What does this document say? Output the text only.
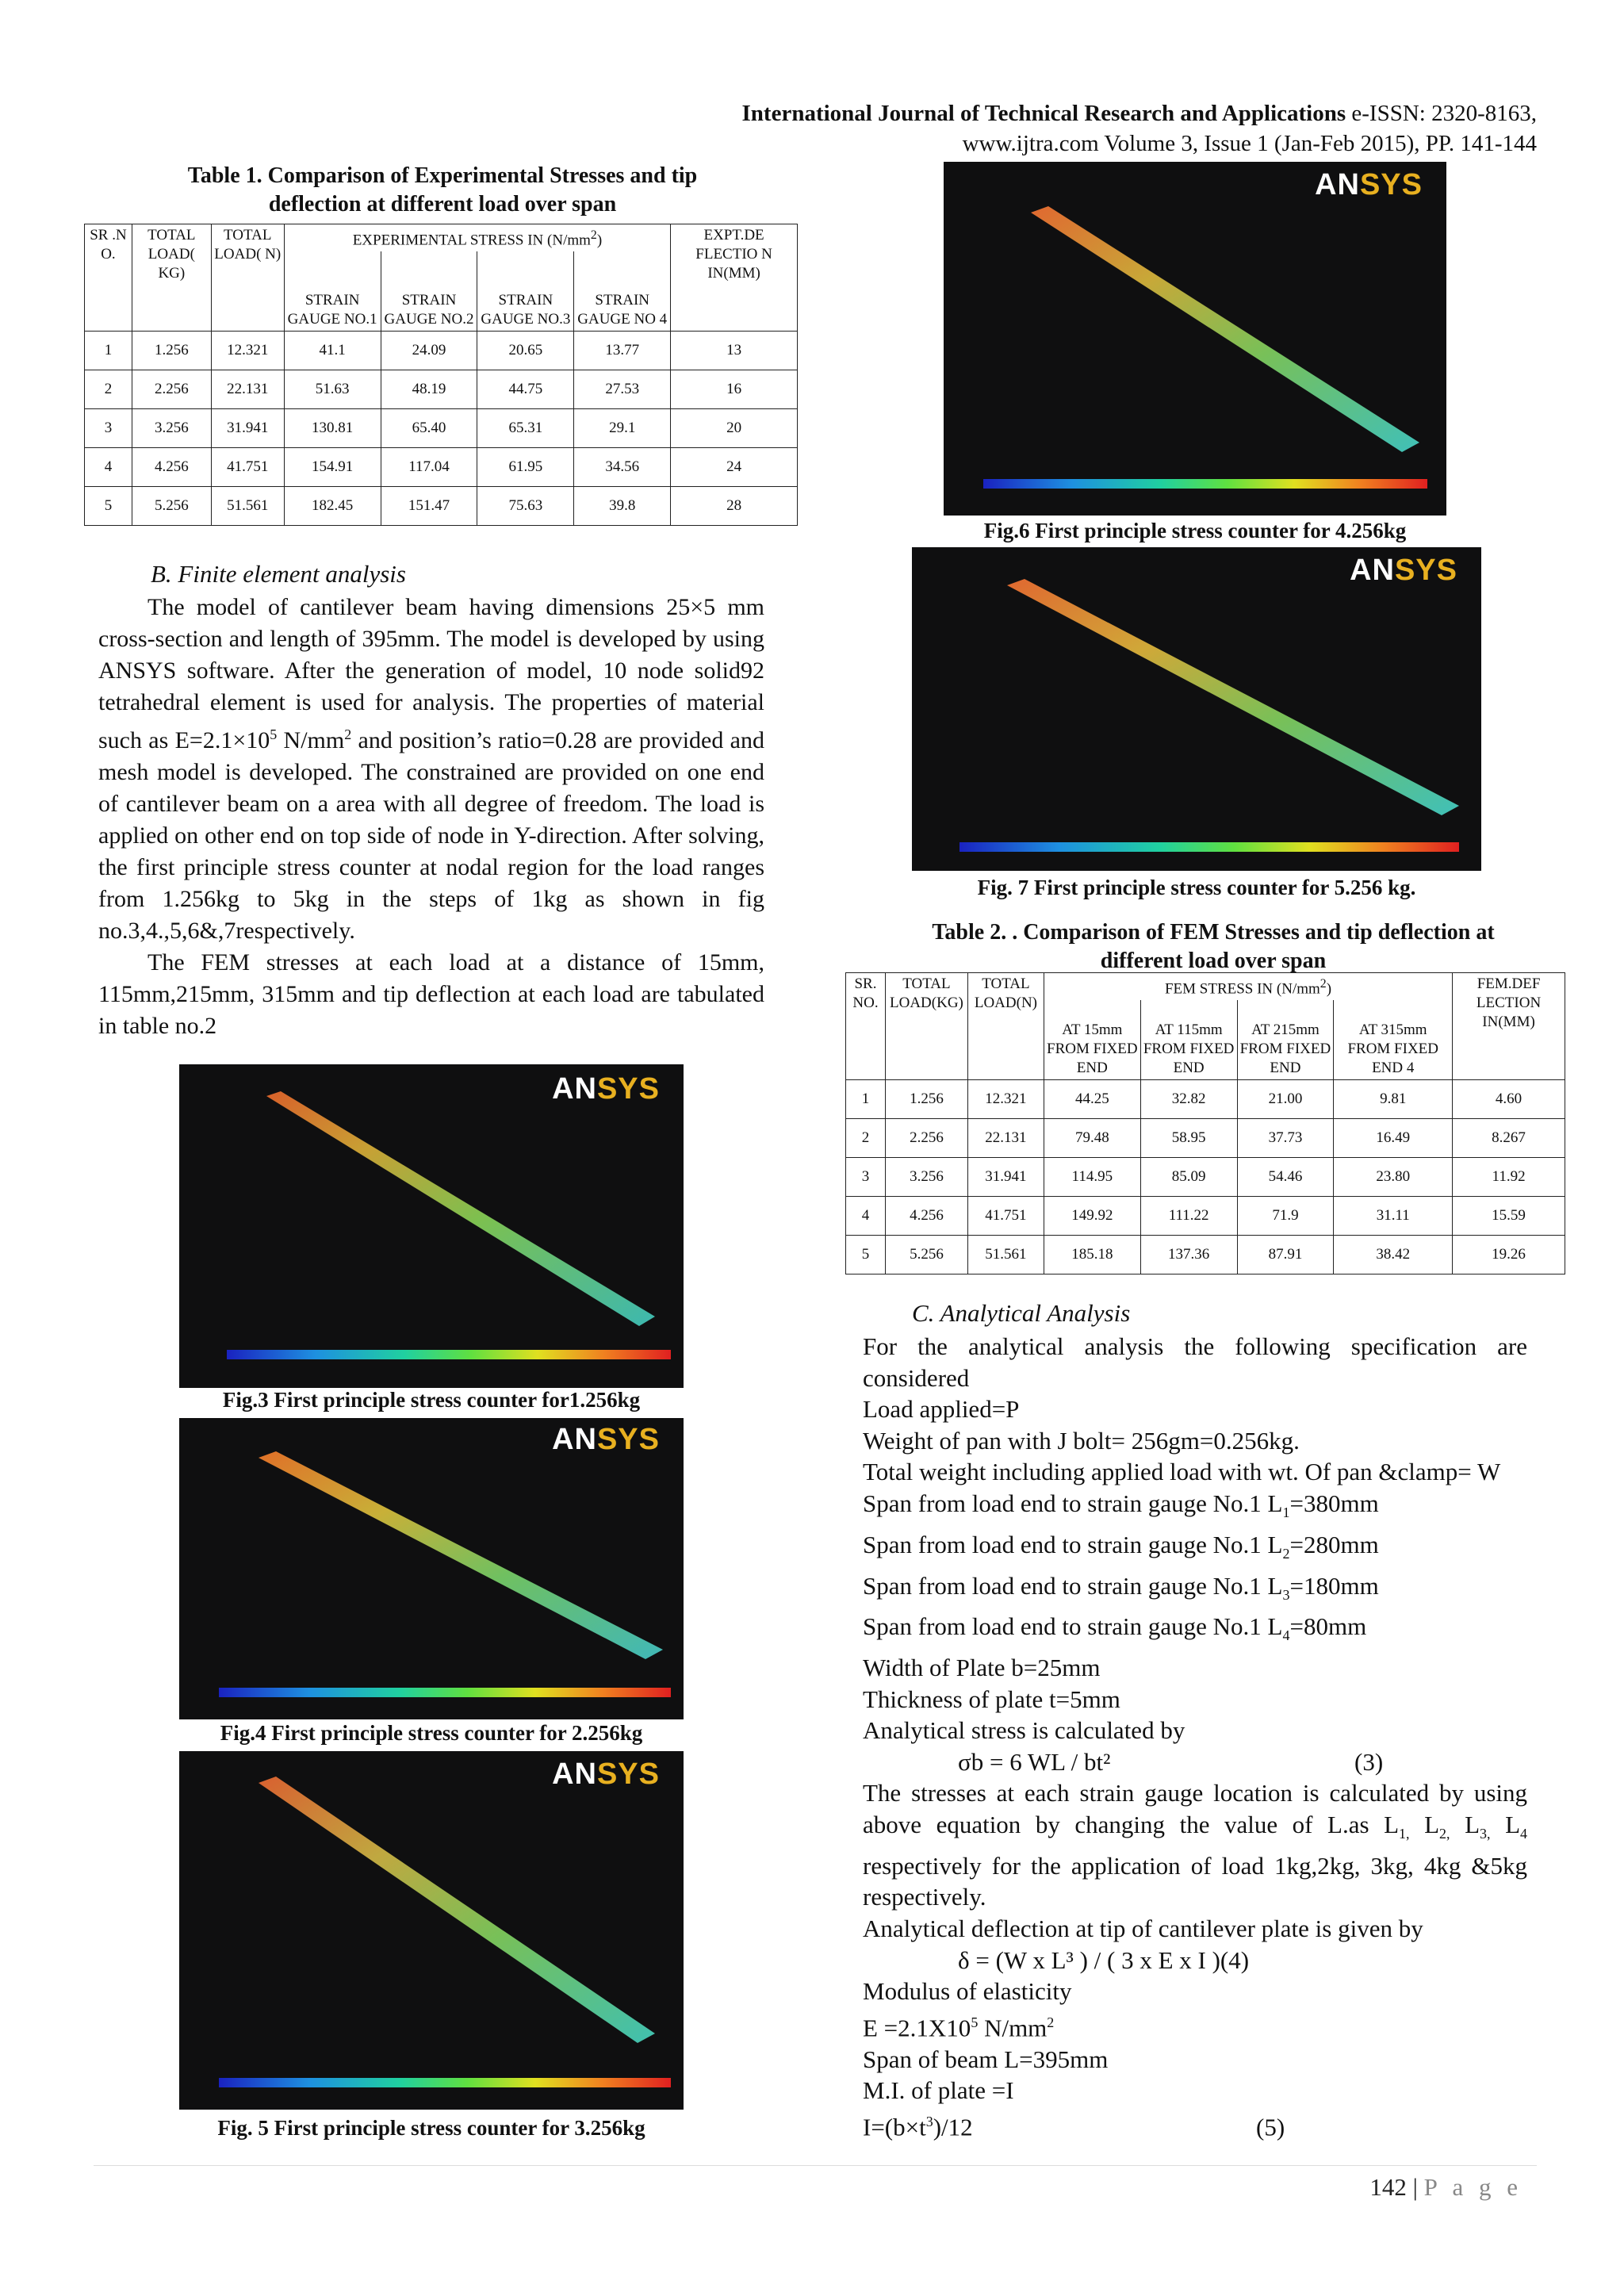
International Journal of Technical Research and Applications e-ISSN: 2320-8163,
www.ijtra.com Volume 3, Issue 1 (Jan-Feb 2015), PP. 141-144
Table 1. Comparison of Experimental Stresses and tip
deflection at different load over span
SR .N O.	TOTAL LOAD( KG)	TOTAL LOAD( N)	EXPERIMENTAL STRESS IN $(N/mm^2)$				EXPT.DE FLECTIO N IN(MM)
			STRAIN GAUGE NO.1	STRAIN GAUGE NO.2	STRAIN GAUGE NO.3	STRAIN GAUGE NO 4	
1	1.256	12.321	41.1	24.09	20.65	13.77	13
2	2.256	22.131	51.63	48.19	44.75	27.53	16
3	3.256	31.941	130.81	65.40	65.31	29.1	20
4	4.256	41.751	154.91	117.04	61.95	34.56	24
5	5.256	51.561	182.45	151.47	75.63	39.8	28
B. Finite element analysis

The model of cantilever beam having dimensions 25×5 mm cross-section and length of 395mm. The model is developed by using ANSYS software. After the generation of model, 10 node solid92 tetrahedral element is used for analysis. The properties of material such as $E=2.1\times 10^5$ $N/mm^2$ and position’s ratio=0.28 are provided and mesh model is developed. The constrained are provided on one end of cantilever beam on a area with all degree of freedom. The load is applied on other end on top side of node in Y-direction. After solving, the first principle stress counter at nodal region for the load ranges from 1.256kg to 5kg in the steps of 1kg as shown in fig no.3,4.,5,6&,7respectively.

The FEM stresses at each load at a distance of 15mm, 115mm,215mm, 315mm and tip deflection at each load are tabulated in table no.2

ANSYS
Fig.3 First principle stress counter for1.256kg
ANSYS
Fig.4 First principle stress counter for 2.256kg
ANSYS
Fig. 5 First principle stress counter for 3.256kg
ANSYS
Fig.6 First principle stress counter for 4.256kg
ANSYS
Fig. 7 First principle stress counter for 5.256 kg.
Table 2. . Comparison of FEM Stresses and tip deflection at
different load over span
SR. NO.	TOTAL LOAD(KG)	TOTAL LOAD(N)	FEM STRESS IN $(N/mm^2)$				FEM.DEF LECTION IN(MM)
			AT 15mm FROM FIXED END	AT 115mm FROM FIXED END	AT 215mm FROM FIXED END	AT 315mm FROM FIXED END 4	
1	1.256	12.321	44.25	32.82	21.00	9.81	4.60
2	2.256	22.131	79.48	58.95	37.73	16.49	8.267
3	3.256	31.941	114.95	85.09	54.46	23.80	11.92
4	4.256	41.751	149.92	111.22	71.9	31.11	15.59
5	5.256	51.561	185.18	137.36	87.91	38.42	19.26
C. Analytical Analysis
For the analytical analysis the following specification are considered
Load applied=P
Weight of pan with J bolt= 256gm=0.256kg.
Total weight including applied load with wt. Of pan &clamp= W
Span from load end to strain gauge No.1 $L_1=380mm$
Span from load end to strain gauge No.1 $L_2=280mm$
Span from load end to strain gauge No.1 $L_3=180mm$
Span from load end to strain gauge No.1 $L_4=80mm$
Width of Plate b=25mm
Thickness of plate t=5mm
Analytical stress is calculated by
σb = 6 WL / bt²	(3)
The stresses at each strain gauge location is calculated by using above equation by changing the value of L.as $L_{1,}$ $L_{2,}$ $L_{3,}$ $L_4$ respectively for the application of load 1kg,2kg, 3kg, 4kg &5kg respectively.
Analytical deflection at tip of cantilever plate is given by
δ = (W x L³ ) / ( 3 x E x I )(4)
Modulus of elasticity
$E =2.1X10^5$ $N/mm^2$
Span of beam L=395mm
M.I. of plate =I
$I=(b\times t^3)/12$	(5)
142 | P a g e
